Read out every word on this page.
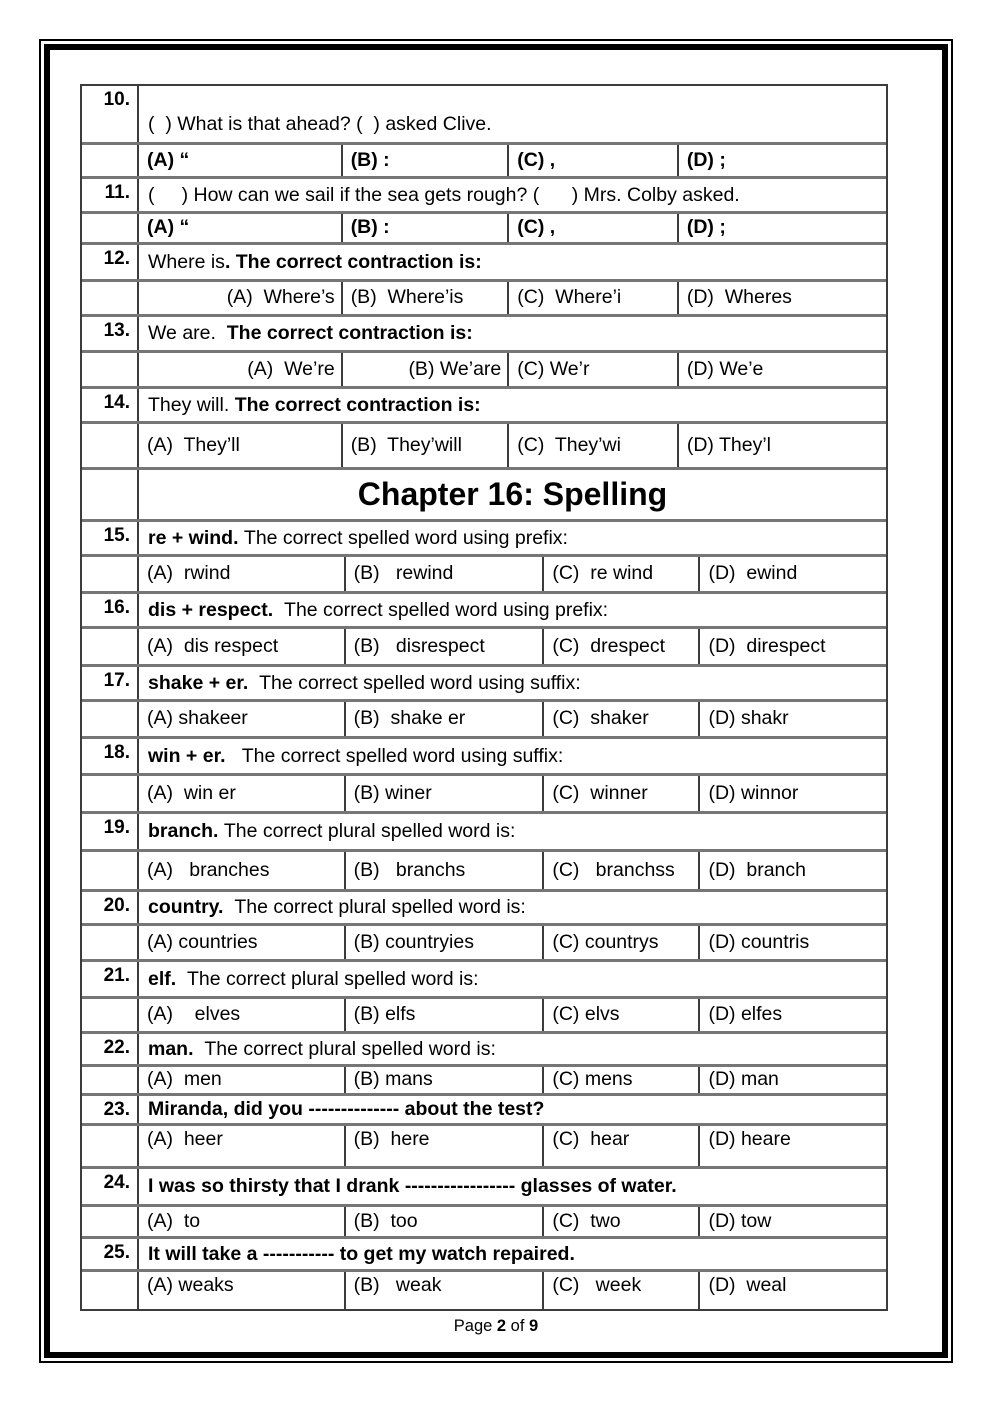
10.
(  ) What is that ahead? (  ) asked Clive.
(A) “	(B) :	(C) ,	(D) ;
11. (     ) How can we sail if the sea gets rough? (      ) Mrs. Colby asked.
(A) “	(B) :	(C) ,	(D) ;
12. Where is . The correct contraction is:
(A)  Where’s (B)  Where’is	(C)  Where’i	(D)  Wheres
13. We are. The correct contraction is:
(A)  We’re	(B) We’are (C) We’r	(D) We’e
14. They will. The correct contraction is:
(A)  They’ll	(B)  They’will	(C)  They’wi	(D) They’l
Chapter 16: Spelling
15. re + wind. The correct spelled word using prefix:
(A)  rwind	(B)   rewind	(C)  re wind	(D)  ewind
16. dis + respect. The correct spelled word using prefix:
(A)  dis respect	(B)   disrespect	(C)  drespect	(D)  direspect
17. shake + er. The correct spelled word using suffix:
(A) shakeer	(B)  shake er	(C)  shaker	(D) shakr
18. win + er. The correct spelled word using suffix:
(A)  win er	(B) winer	(C)  winner	(D) winnor
19. branch. The correct plural spelled word is:
(A)   branches	(B)   branchs	(C)   branchss	(D)  branch
20. country. The correct plural spelled word is:
(A) countries	(B) countryies	(C) countrys	(D) countris
21. elf. The correct plural spelled word is:
(A)    elves	(B) elfs	(C) elvs	(D) elfes
22. man. The correct plural spelled word is:
(A)  men	(B) mans	(C) mens	(D) man
23. Miranda, did you -------------- about the test?
(A)  heer	(B)  here	(C)  hear	(D) heare
24. I was so thirsty that I drank ----------------- glasses of water.
(A)  to	(B)  too	(C)  two	(D) tow
25. It will take a ----------- to get my watch repaired.
(A) weaks	(B)   weak	(C)   week	(D)  weal
Page 2 of 9
